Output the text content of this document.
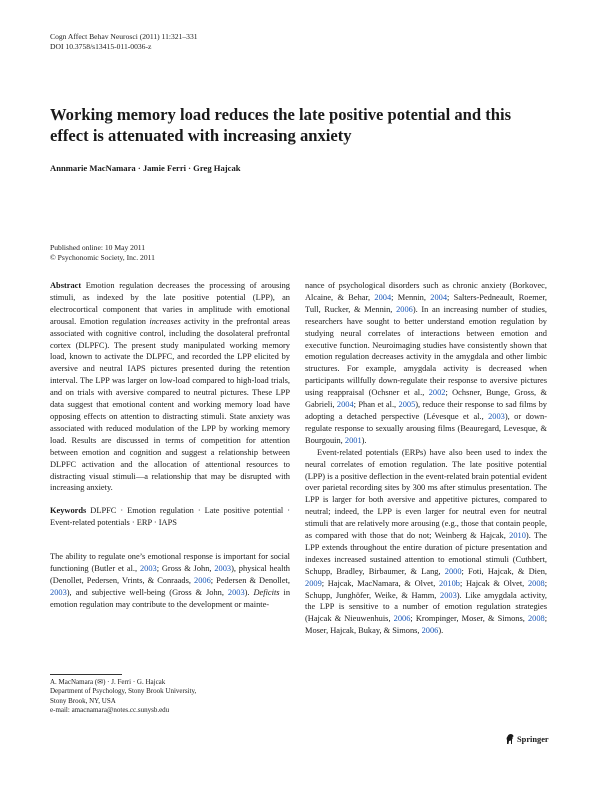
Cogn Affect Behav Neurosci (2011) 11:321–331
DOI 10.3758/s13415-011-0036-z
Working memory load reduces the late positive potential and this effect is attenuated with increasing anxiety
Annmarie MacNamara · Jamie Ferri · Greg Hajcak
Published online: 10 May 2011
© Psychonomic Society, Inc. 2011

Abstract Emotion regulation decreases the processing of arousing stimuli, as indexed by the late positive potential (LPP), an electrocortical component that varies in amplitude with emotional arousal. Emotion regulation increases activity in the prefrontal areas associated with cognitive control, including the dosolateral prefrontal cortex (DLPFC). The present study manipulated working memory load, known to activate the DLPFC, and recorded the LPP elicited by aversive and neutral IAPS pictures presented during the retention interval. The LPP was larger on low-load compared to high-load trials, and on trials with aversive compared to neutral pictures. These LPP data suggest that emotional content and working memory load have opposing effects on attention to distracting stimuli. State anxiety was associated with reduced modulation of the LPP by working memory load. Results are discussed in terms of competition for attention between emotion and cognition and suggest a relationship between DLPFC activation and the allocation of attentional resources to distracting visual stimuli—a relationship that may be disrupted with increasing anxiety.

Keywords DLPFC · Emotion regulation · Late positive potential · Event-related potentials · ERP · IAPS

The ability to regulate one’s emotional response is important for social functioning (Butler et al., 2003; Gross & John, 2003), physical health (Denollet, Pedersen, Vrints, & Conraads, 2006; Pedersen & Denollet, 2003), and subjective well-being (Gross & John, 2003). Deficits in emotion regulation may contribute to the development or mainte-

A. MacNamara (✉) · J. Ferri · G. Hajcak
Department of Psychology, Stony Brook University,
Stony Brook, NY, USA
e-mail: amacnamara@notes.cc.sunysb.edu

nance of psychological disorders such as chronic anxiety (Borkovec, Alcaine, & Behar, 2004; Mennin, 2004; Salters-Pedneault, Roemer, Tull, Rucker, & Mennin, 2006). In an increasing number of studies, researchers have sought to better understand emotion regulation by studying neural correlates of interactions between emotion and executive function. Neuroimaging studies have consistently shown that emotion regulation decreases activity in the amygdala and other limbic structures. For example, amygdala activity is decreased when participants willfully down-regulate their response to aversive pictures using reappraisal (Ochsner et al., 2002; Ochsner, Bunge, Gross, & Gabrieli, 2004; Phan et al., 2005), reduce their response to sad films by adopting a detached perspective (Lévesque et al., 2003), or down-regulate response to sexually arousing films (Beauregard, Levesque, & Bourgouin, 2001).

Event-related potentials (ERPs) have also been used to index the neural correlates of emotion regulation. The late positive potential (LPP) is a positive deflection in the event-related brain potential evident over parietal recording sites by 300 ms after stimulus presentation. The LPP is larger for both aversive and appetitive pictures, compared to neutral; indeed, the LPP is even larger for neutral even for neutral stimuli that are relatively more arousing (e.g., those that contain people, as compared with those that do not; Weinberg & Hajcak, 2010). The LPP extends throughout the entire duration of picture presentation and indexes increased sustained attention to emotional stimuli (Cuthbert, Schupp, Bradley, Birbaumer, & Lang, 2000; Foti, Hajcak, & Dien, 2009; Hajcak, MacNamara, & Olvet, 2010b; Hajcak & Olvet, 2008; Schupp, Junghöfer, Weike, & Hamm, 2003). Like amygdala activity, the LPP is sensitive to a number of emotion regulation strategies (Hajcak & Nieuwenhuis, 2006; Krompinger, Moser, & Simons, 2008; Moser, Hajcak, Bukay, & Simons, 2006).

Springer
